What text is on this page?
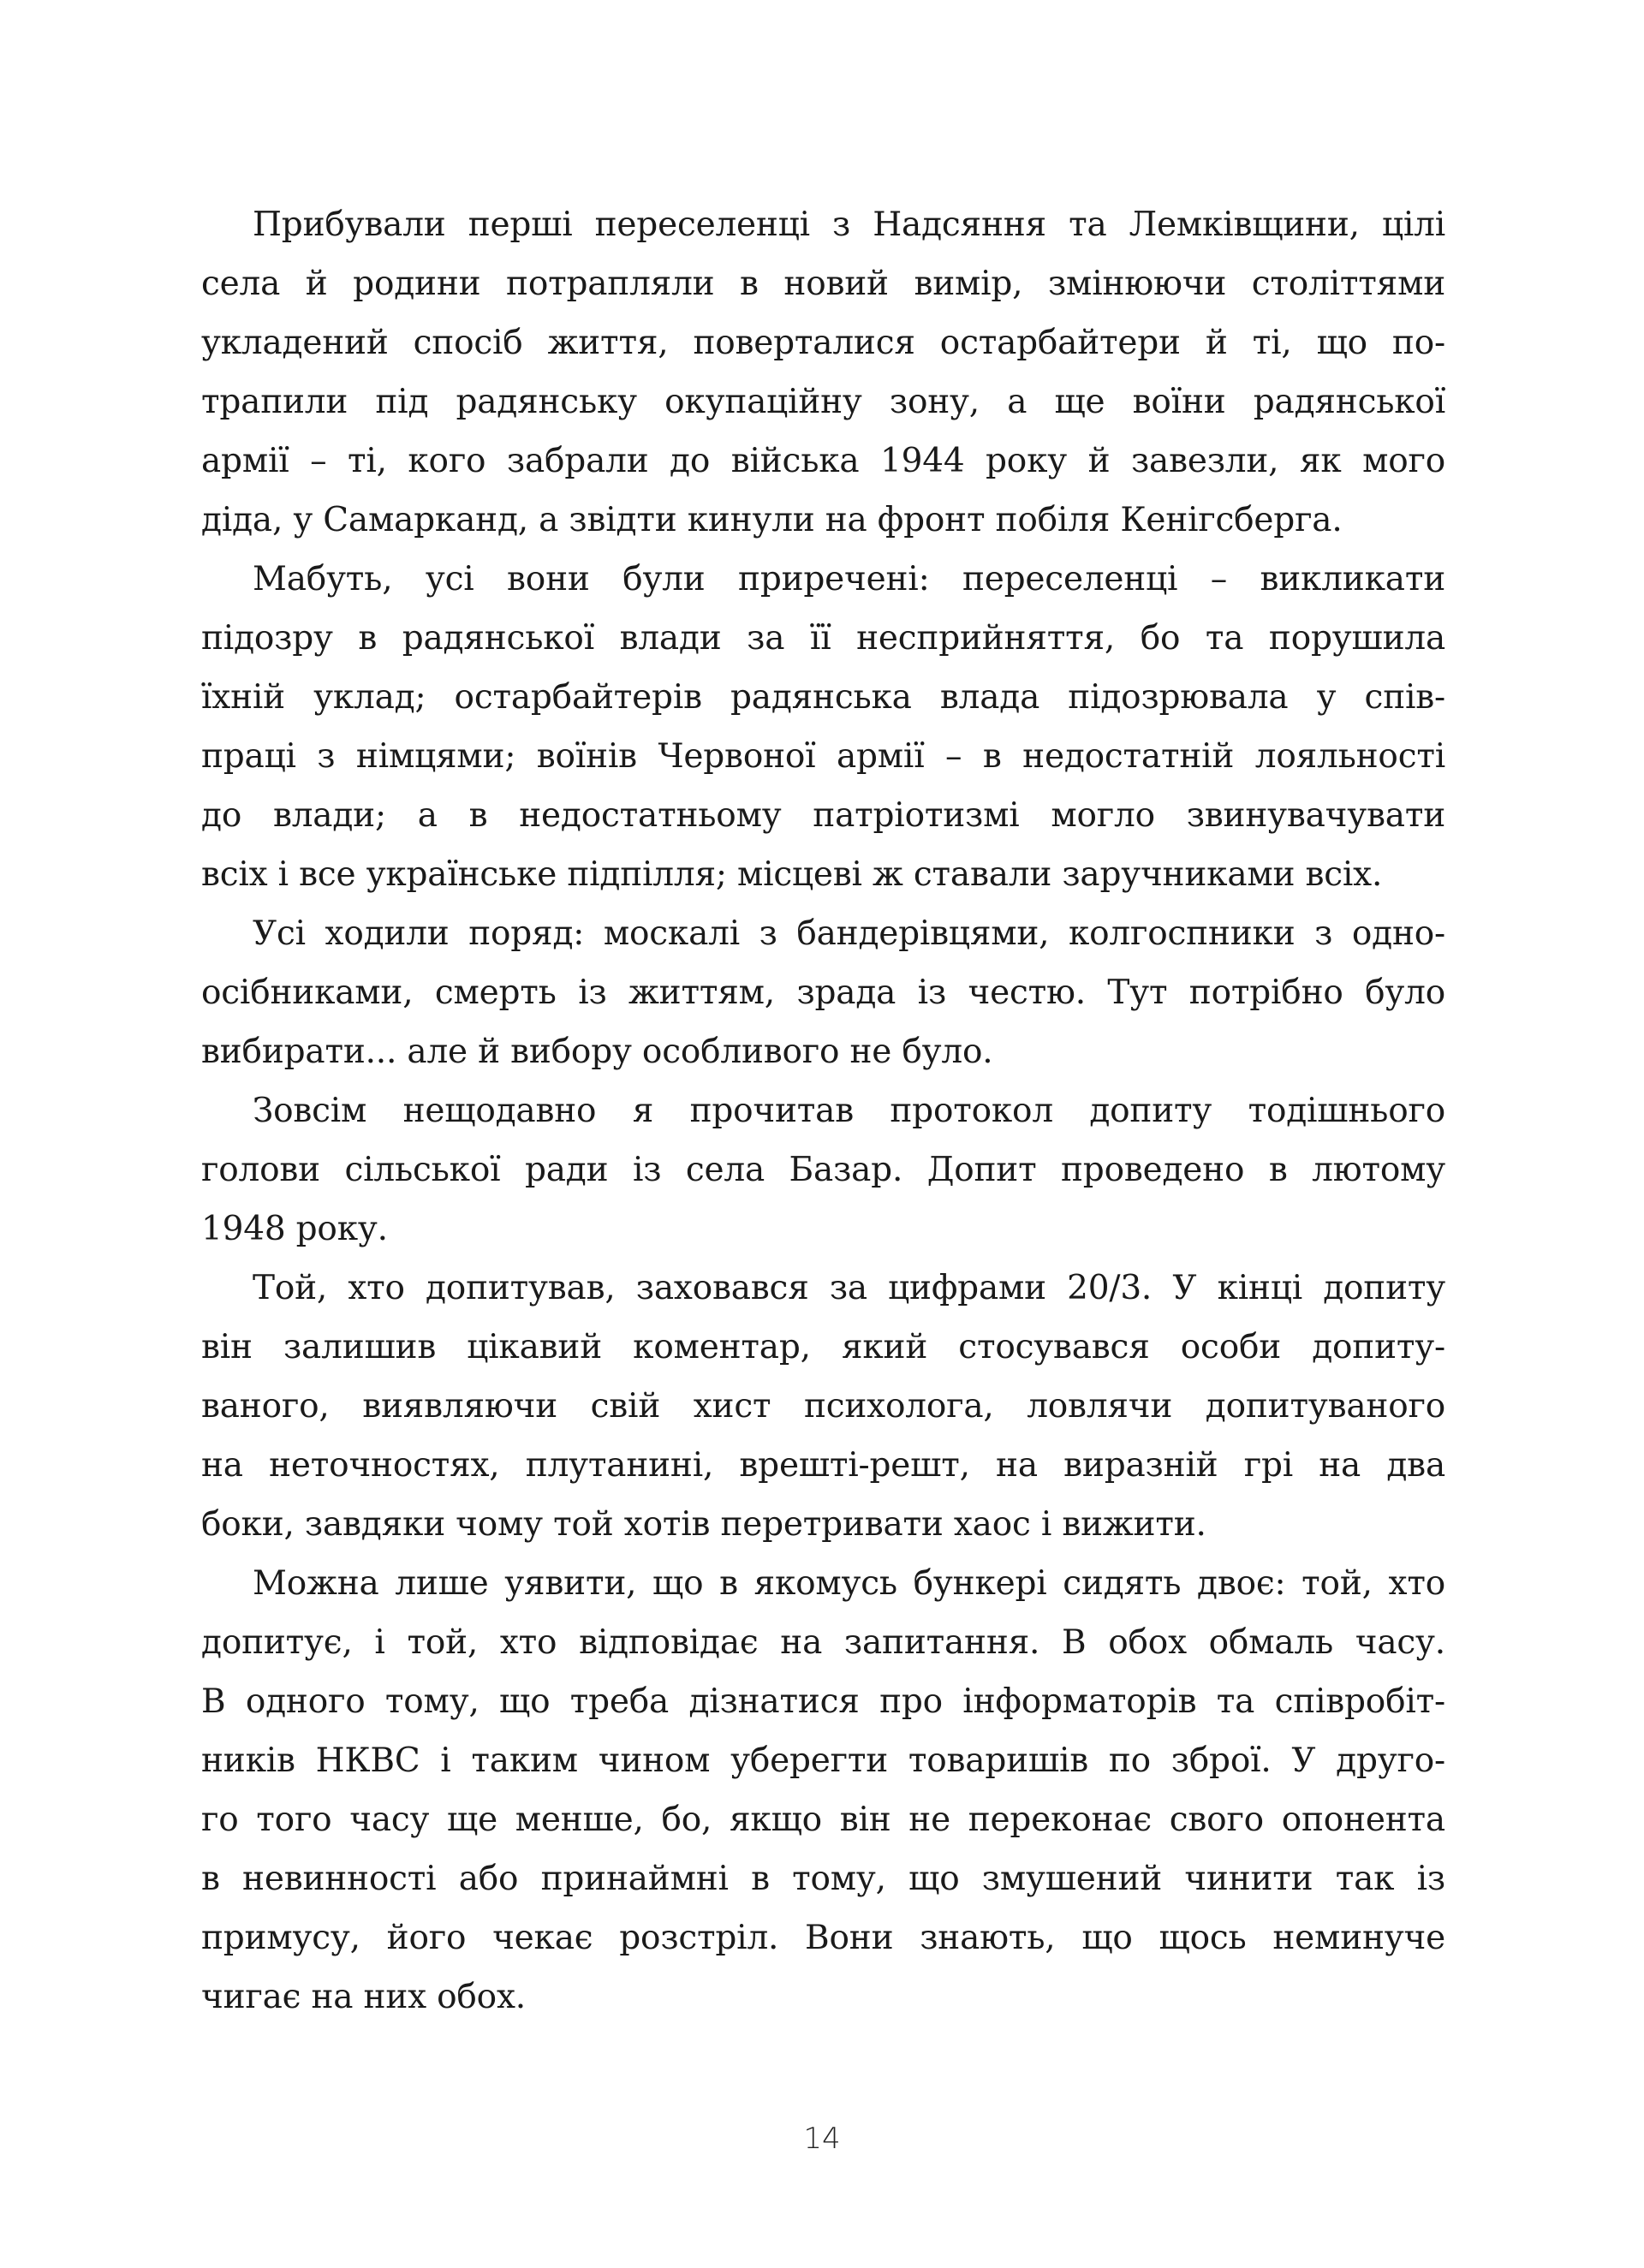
Прибували перші переселенці з Надсяння та Лемківщини, цілі
села й родини потрапляли в новий вимір, змінюючи століттями
укладений спосіб життя, поверталися остарбайтери й ті, що по-
трапили під радянську окупаційну зону, а ще воїни радянської
армії – ті, кого забрали до війська 1944 року й завезли, як мого
діда, у Самарканд, а звідти кинули на фронт побіля Кенігсберга.

Мабуть, усі вони були приречені: переселенці – викликати
підозру в радянської влади за її несприйняття, бо та порушила
їхній уклад; остарбайтерів радянська влада підозрювала у спів-
праці з німцями; воїнів Червоної армії – в недостатній лояльності
до влади; а в недостатньому патріотизмі могло звинувачувати
всіх і все українське підпілля; місцеві ж ставали заручниками всіх.

Усі ходили поряд: москалі з бандерівцями, колгоспники з одно-
осібниками, смерть із життям, зрада із честю. Тут потрібно було
вибирати... але й вибору особливого не було.

Зовсім нещодавно я прочитав протокол допиту тодішнього
голови сільської ради із села Базар. Допит проведено в лютому
1948 року.

Той, хто допитував, заховався за цифрами 20/3. У кінці допиту
він залишив цікавий коментар, який стосувався особи допиту-
ваного, виявляючи свій хист психолога, ловлячи допитуваного
на неточностях, плутанині, врешті-решт, на виразній грі на два
боки, завдяки чому той хотів перетривати хаос і вижити.

Можна лише уявити, що в якомусь бункері сидять двоє: той, хто
допитує, і той, хто відповідає на запитання. В обох обмаль часу.
В одного тому, що треба дізнатися про інформаторів та співробіт-
ників НКВС і таким чином уберегти товаришів по зброї. У друго-
го того часу ще менше, бо, якщо він не переконає свого опонента
в невинності або принаймні в тому, що змушений чинити так із
примусу, його чекає розстріл. Вони знають, що щось неминуче
чигає на них обох.

14
